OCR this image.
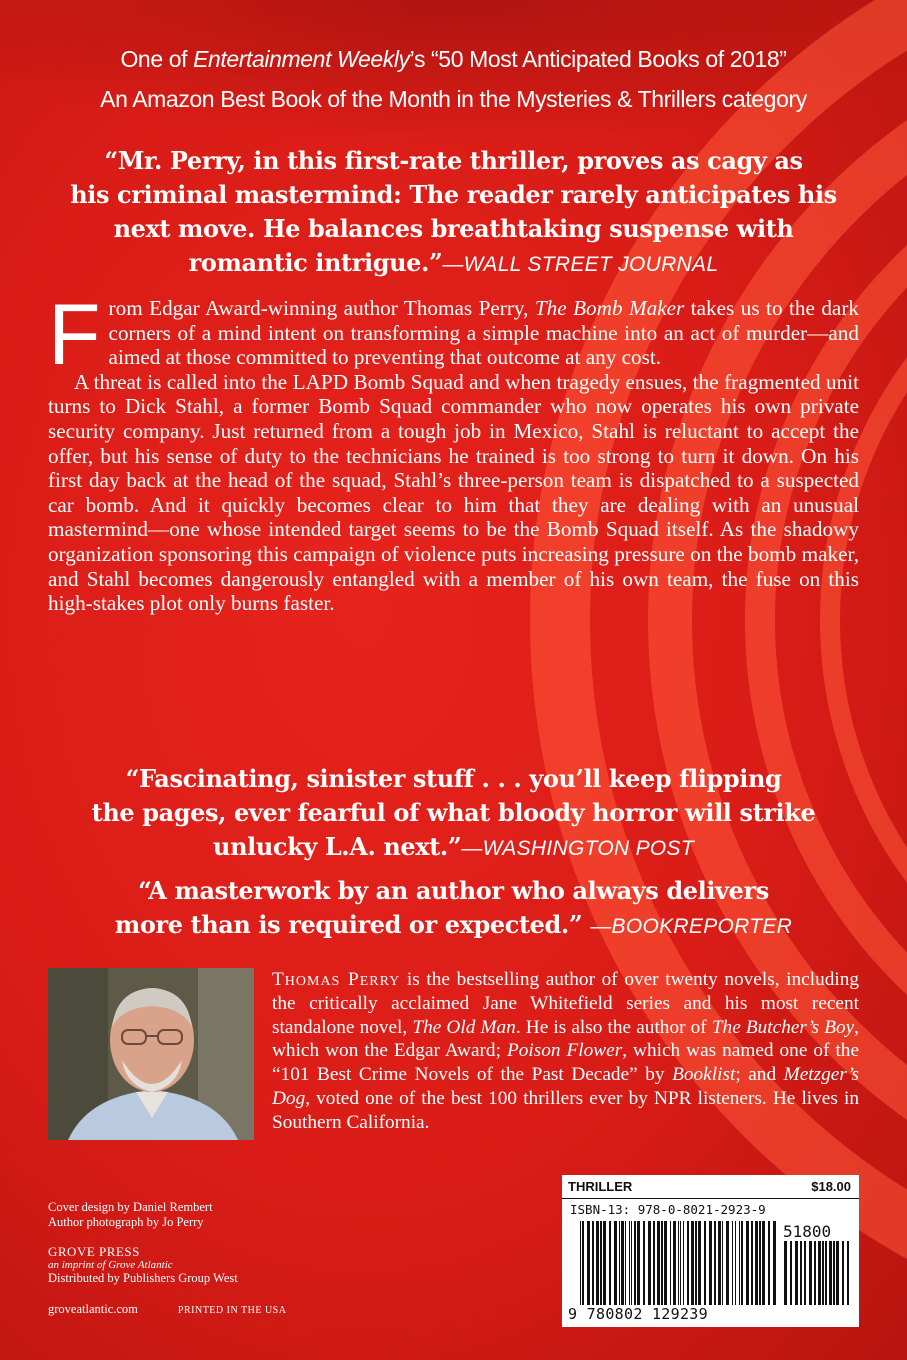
One of Entertainment Weekly’s “50 Most Anticipated Books of 2018”
An Amazon Best Book of the Month in the Mysteries & Thrillers category
“Mr. Perry, in this first-rate thriller, proves as cagy as
his criminal mastermind: The reader rarely anticipates his
next move. He balances breathtaking suspense with
romantic intrigue.”—WALL STREET JOURNAL

From Edgar Award-winning author Thomas Perry, The Bomb Maker takes us to the dark corners of a mind intent on transforming a simple machine into an act of murder—and aimed at those committed to preventing that outcome at any cost.

A threat is called into the LAPD Bomb Squad and when tragedy ensues, the fragmented unit turns to Dick Stahl, a former Bomb Squad commander who now operates his own private security company. Just returned from a tough job in Mexico, Stahl is reluctant to accept the offer, but his sense of duty to the technicians he trained is too strong to turn it down. On his first day back at the head of the squad, Stahl’s three-person team is dispatched to a suspected car bomb. And it quickly becomes clear to him that they are dealing with an unusual mastermind—one whose intended target seems to be the Bomb Squad itself. As the shadowy organization sponsoring this campaign of violence puts increasing pressure on the bomb maker, and Stahl becomes dangerously entangled with a member of his own team, the fuse on this high-stakes plot only burns faster.

“Fascinating, sinister stuff . . . you’ll keep flipping
the pages, ever fearful of what bloody horror will strike
unlucky L.A. next.”—WASHINGTON POST
“A masterwork by an author who always delivers
more than is required or expected.” —BOOKREPORTER

Thomas Perry is the bestselling author of over twenty novels, including the critically acclaimed Jane Whitefield series and his most recent standalone novel, The Old Man. He is also the author of The Butcher’s Boy, which won the Edgar Award; Poison Flower, which was named one of the “101 Best Crime Novels of the Past Decade” by Booklist; and Metzger’s Dog, voted one of the best 100 thrillers ever by NPR listeners. He lives in Southern California.

Cover design by Daniel Rembert
Author photograph by Jo Perry
GROVE PRESS
an imprint of Grove Atlantic
Distributed by Publishers Group West
groveatlantic.com	PRINTED IN THE USA
THRILLER	$18.00
ISBN-13: 978-0-8021-2923-9
51800
9 780802 129239
